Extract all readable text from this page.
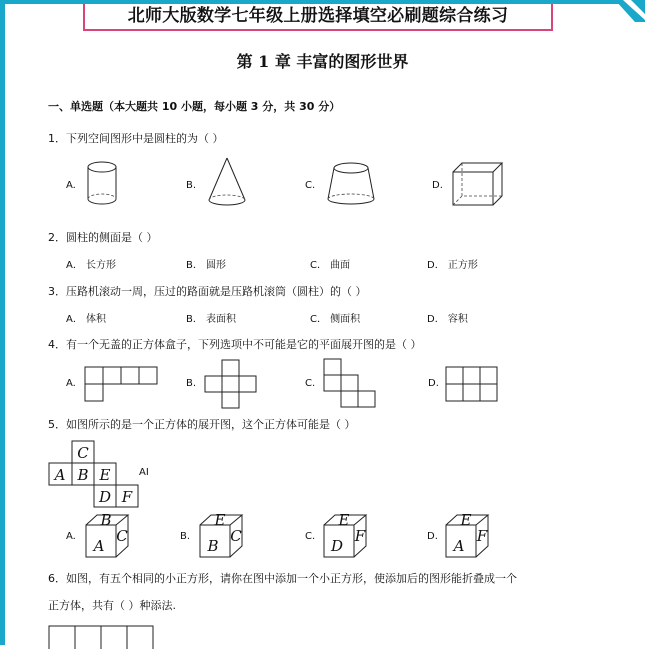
北师大版数学七年级上册选择填空必刷题综合练习
第 1 章 丰富的图形世界
一、单选题（本大题共 10 小题，每小题 3 分，共 30 分）
1．下列空间图形中是圆柱的为（ ）
A.	B.	C.	D.
2．圆柱的侧面是（ ）
A． 长方形	B． 圆形	C． 曲面	D． 正方形
3．压路机滚动一周，压过的路面就是压路机滚筒（圆柱）的（ ）
A． 体积	B． 表面积	C． 侧面积	D． 容积
4．有一个无盖的正方体盒子，下列选项中不可能是它的平面展开图的是（ ）
A.	B.	C.	D.
5．如图所示的是一个正方体的展开图，这个正方体可能是（ ）
C
A B E
D F
AI
A.
B
A
C	B.
E
B
C	C.
E
D
F	D.
E
A
F
6．如图，有五个相同的小正方形，请你在图中添加一个小正方形，使添加后的图形能折叠成一个
正方体，共有（ ）种添法.
